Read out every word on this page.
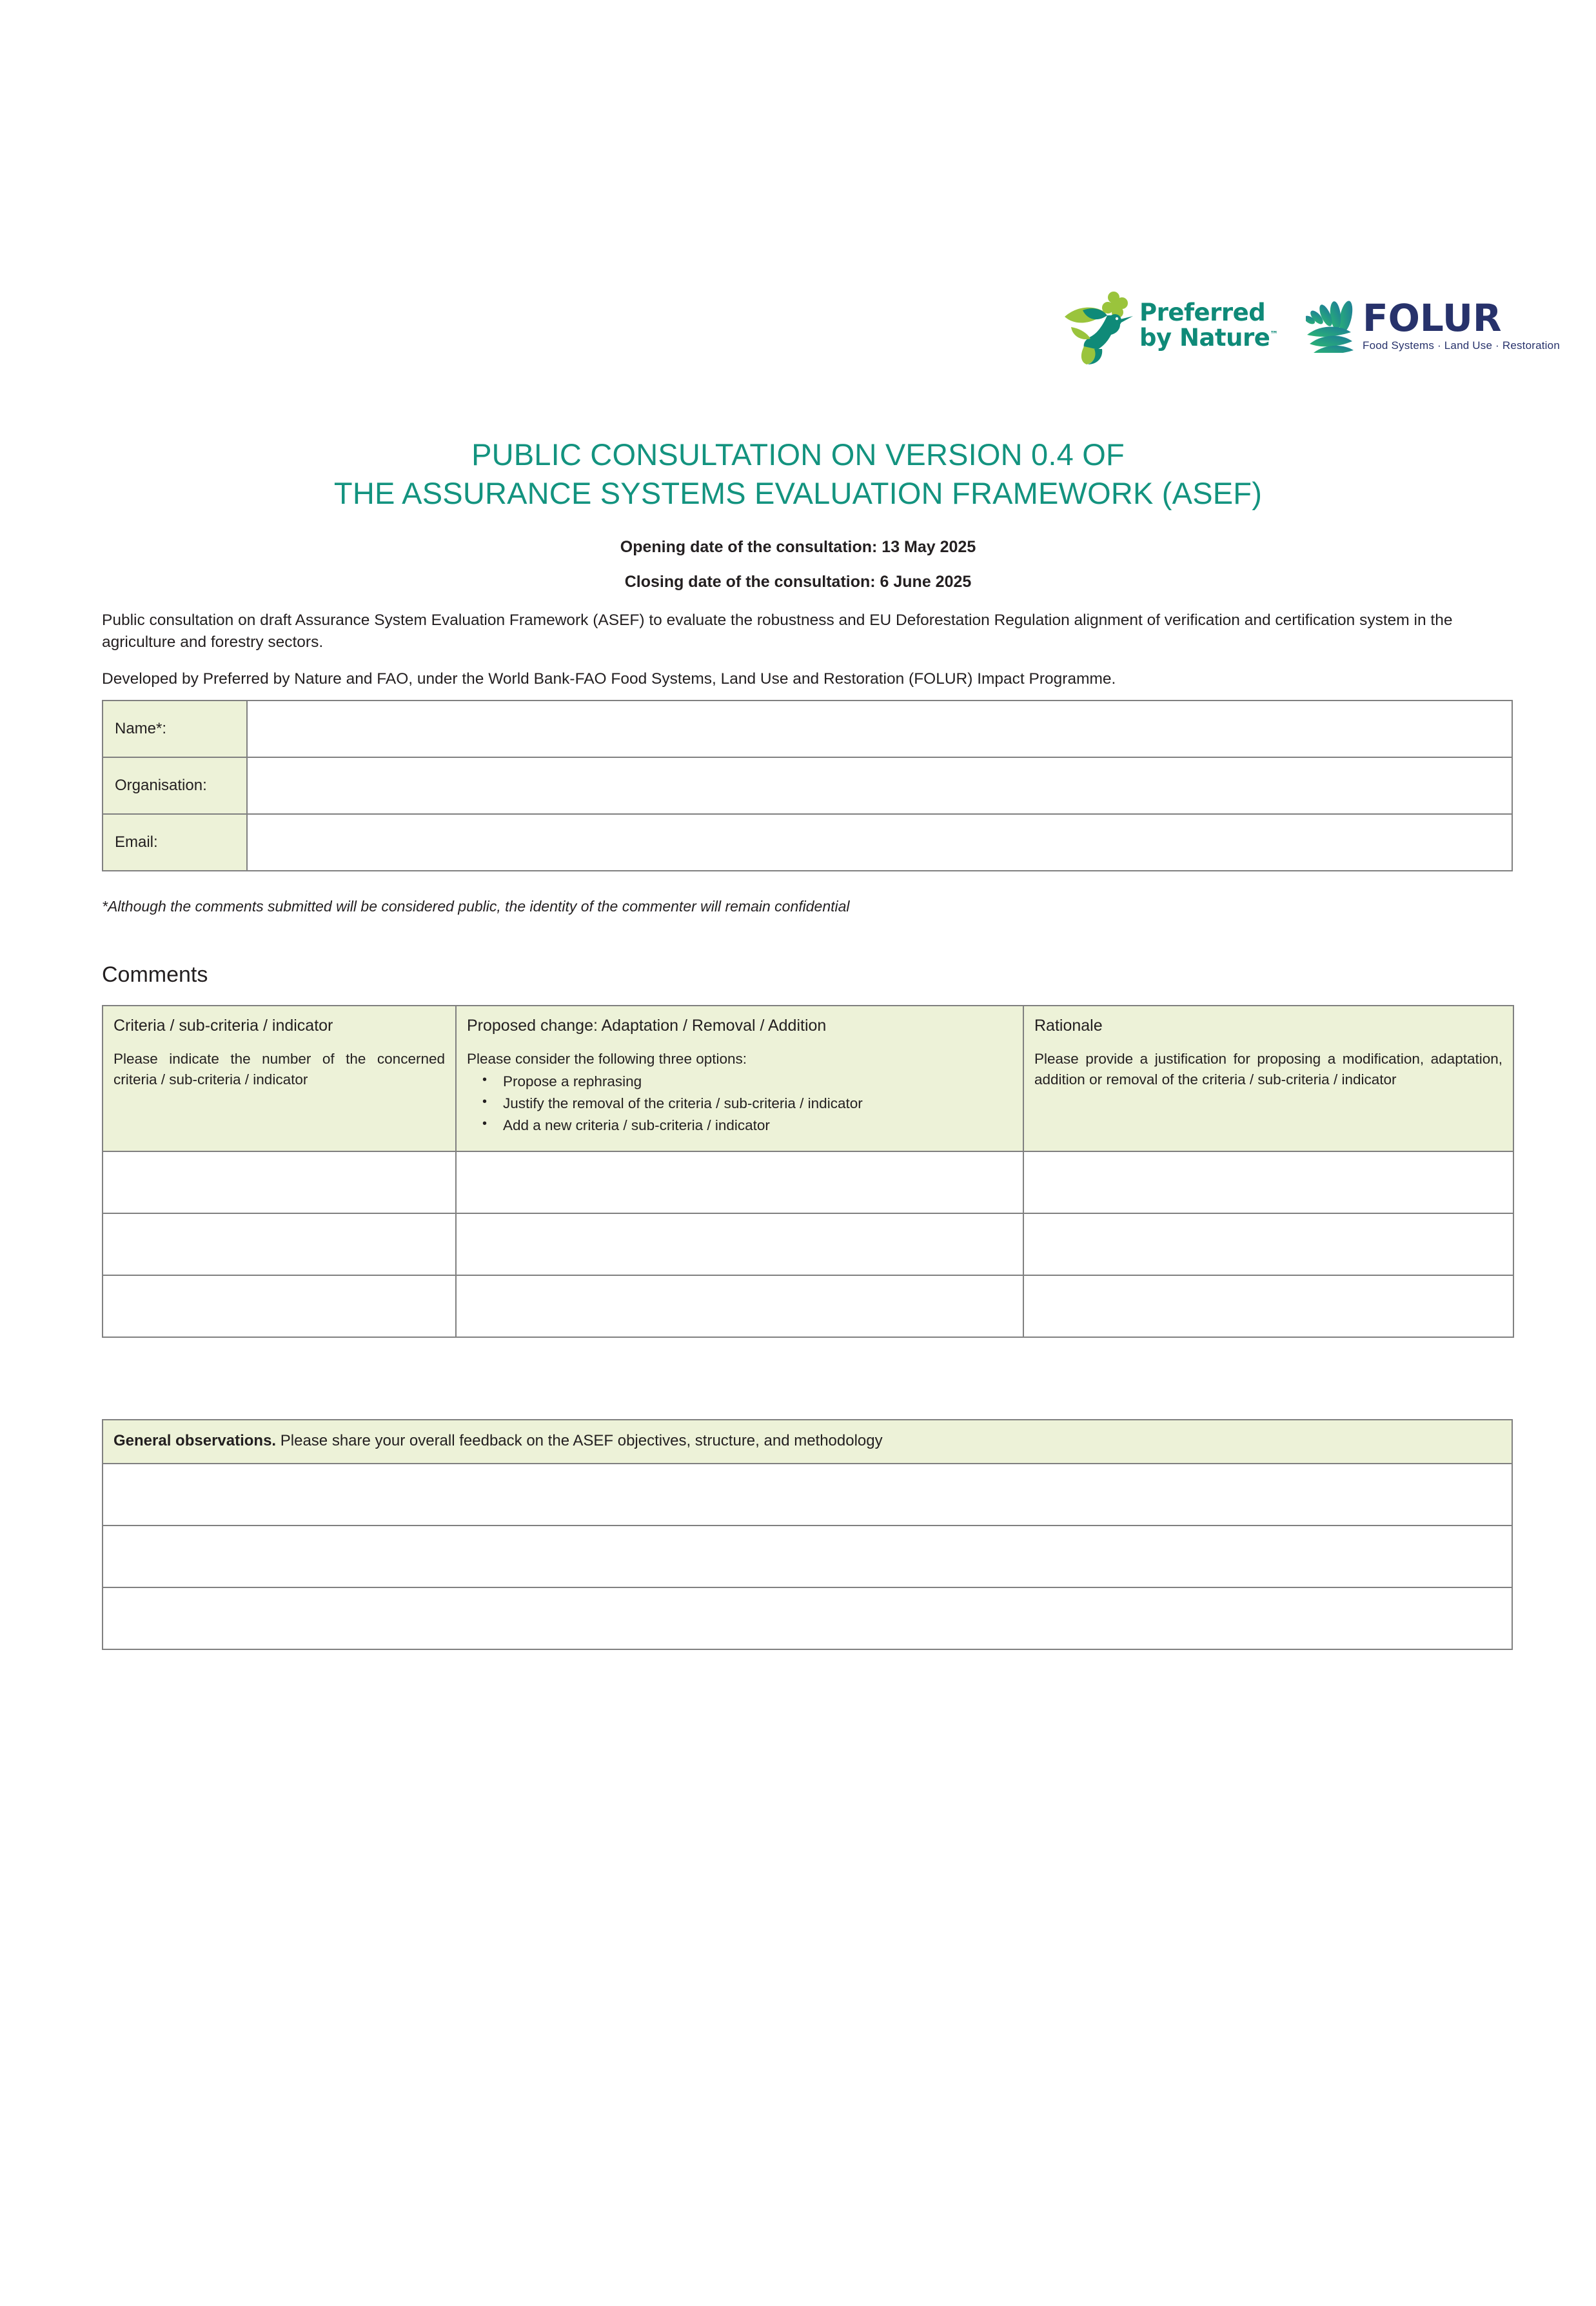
Preferred
by Nature™ FOLUR
Food Systems · Land Use · Restoration
PUBLIC CONSULTATION ON VERSION 0.4 OF
THE ASSURANCE SYSTEMS EVALUATION FRAMEWORK (ASEF)
Opening date of the consultation: 13 May 2025
Closing date of the consultation: 6 June 2025
Public consultation on draft Assurance System Evaluation Framework (ASEF) to evaluate the robustness and EU Deforestation Regulation alignment of verification and certification system in the agriculture and forestry sectors.
Developed by Preferred by Nature and FAO, under the World Bank-FAO Food Systems, Land Use and Restoration (FOLUR) Impact Programme.
Name*:	
Organisation:	
Email:	
*Although the comments submitted will be considered public, the identity of the commenter will remain confidential
Comments
Criteria / sub-criteria / indicator
Please indicate the number of the concerned criteria / sub-criteria / indicator

Proposed change: Adaptation / Removal / Addition
Please consider the following three options:
• Propose a rephrasing
• Justify the removal of the criteria / sub-criteria / indicator
• Add a new criteria / sub-criteria / indicator

Rationale
Please provide a justification for proposing a modification, adaptation, addition or removal of the criteria / sub-criteria / indicator

General observations. Please share your overall feedback on the ASEF objectives, structure, and methodology
